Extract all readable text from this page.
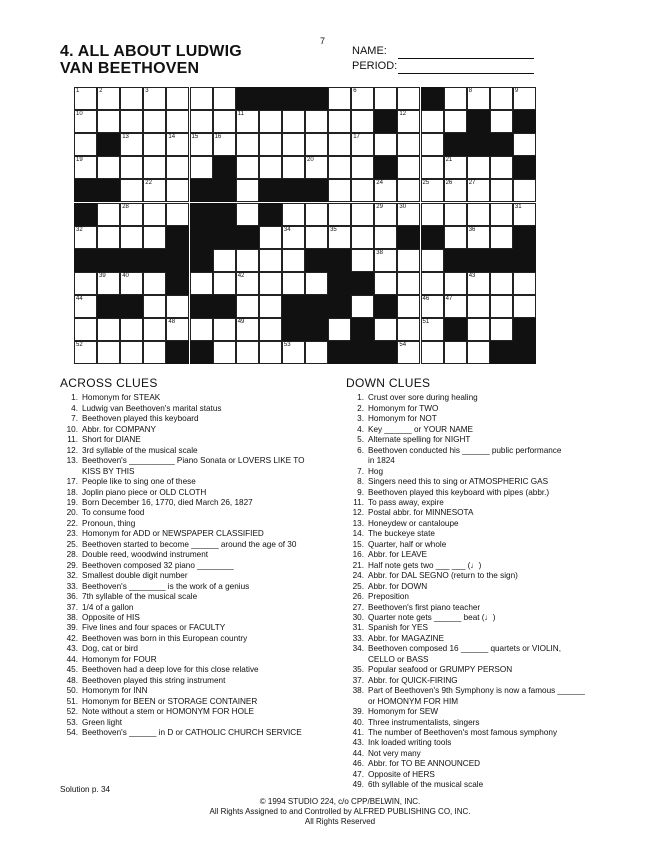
7
4. ALL ABOUT LUDWIG
VAN BEETHOVEN
NAME:
PERIOD:
1	2	3	6	8	9
10	11	12
13	14	15	16	17
19	20	21
22	24	25	26	27
28	29	30	31
32	34	35	36
38
39	40	42	43
44	46	47
48	49	51
52	53	54
ACROSS CLUES
1. Homonym for STEAK
4. Ludwig van Beethoven's marital status
7. Beethoven played this keyboard
10. Abbr. for COMPANY
11. Short for DIANE
12. 3rd syllable of the musical scale
13. Beethoven's __________ Piano Sonata or LOVERS LIKE TO
KISS BY THIS
17. People like to sing one of these
18. Joplin piano piece or OLD CLOTH
19. Born December 16, 1770, died March 26, 1827
20. To consume food
22. Pronoun, thing
23. Homonym for ADD or NEWSPAPER CLASSIFIED
25. Beethoven started to become ______ around the age of 30
28. Double reed, woodwind instrument
29. Beethoven composed 32 piano ________
32. Smallest double digit number
33. Beethoven's ________ is the work of a genius
36. 7th syllable of the musical scale
37. 1/4 of a gallon
38. Opposite of HIS
39. Five lines and four spaces or FACULTY
42. Beethoven was born in this European country
43. Dog, cat or bird
44. Homonym for FOUR
45. Beethoven had a deep love for this close relative
48. Beethoven played this string instrument
50. Homonym for INN
51. Homonym for BEEN or STORAGE CONTAINER
52. Note without a stem or HOMONYM FOR HOLE
53. Green light
54. Beethoven's ______ in D or CATHOLIC CHURCH SERVICE
DOWN CLUES
1. Crust over sore during healing
2. Homonym for TWO
3. Homonym for NOT
4. Key ______ or YOUR NAME
5. Alternate spelling for NIGHT
6. Beethoven conducted his ______ public performance
in 1824
7. Hog
8. Singers need this to sing or ATMOSPHERIC GAS
9. Beethoven played this keyboard with pipes (abbr.)
11. To pass away, expire
12. Postal abbr. for MINNESOTA
13. Honeydew or cantaloupe
14. The buckeye state
15. Quarter, half or whole
16. Abbr. for LEAVE
21. Half note gets two ___ ___ (♩)
24. Abbr. for DAL SEGNO (return to the sign)
25. Abbr. for DOWN
26. Preposition
27. Beethoven's first piano teacher
30. Quarter note gets ______ beat (♩)
31. Spanish for YES
33. Abbr. for MAGAZINE
34. Beethoven composed 16 ______ quartets or VIOLIN,
CELLO or BASS
35. Popular seafood or GRUMPY PERSON
37. Abbr. for QUICK-FIRING
38. Part of Beethoven's 9th Symphony is now a famous ______
or HOMONYM FOR HIM
39. Homonym for SEW
40. Three instrumentalists, singers
41. The number of Beethoven's most famous symphony
43. Ink loaded writing tools
44. Not very many
46. Abbr. for TO BE ANNOUNCED
47. Opposite of HERS
49. 6th syllable of the musical scale
Solution p. 34
© 1994 STUDIO 224, c/o CPP/BELWIN, INC.
All Rights Assigned to and Controlled by ALFRED PUBLISHING CO, INC.
All Rights Reserved
